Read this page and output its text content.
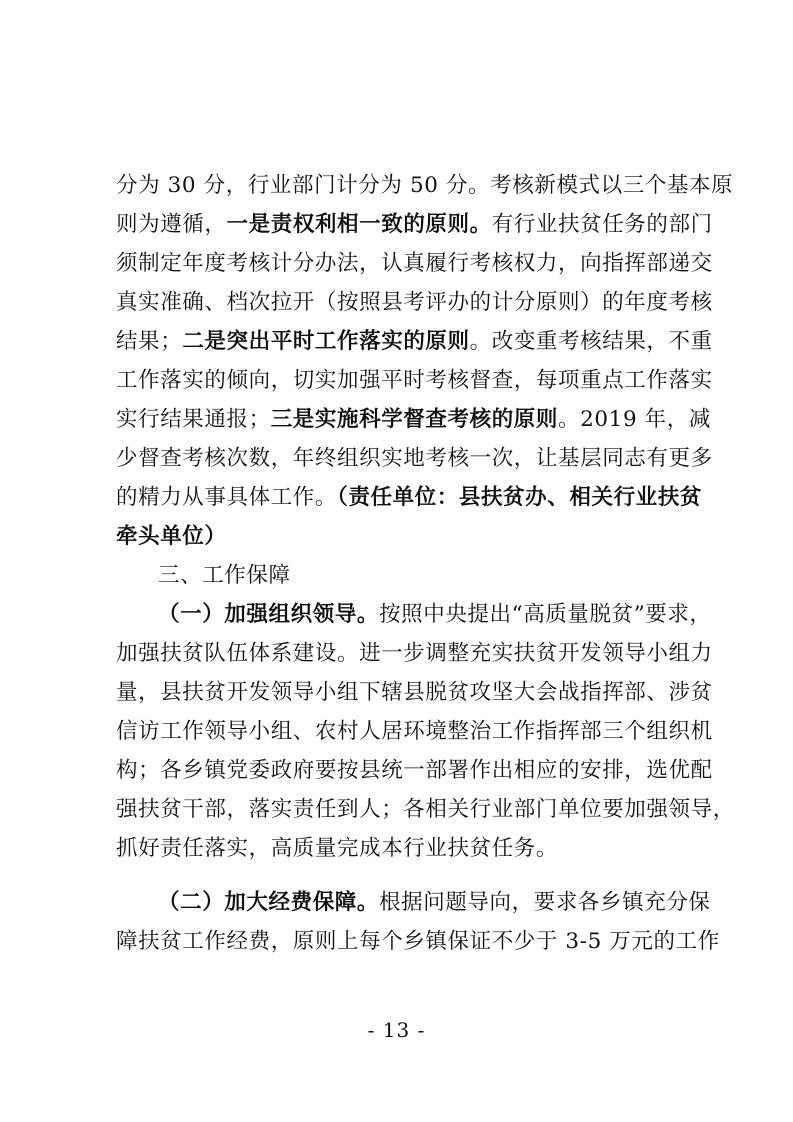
分为 30 分，行业部门计分为 50 分。考核新模式以三个基本原
则为遵循，一是责权利相一致的原则。有行业扶贫任务的部门
须制定年度考核计分办法，认真履行考核权力，向指挥部递交
真实准确、档次拉开（按照县考评办的计分原则）的年度考核
结果；二是突出平时工作落实的原则。改变重考核结果，不重
工作落实的倾向，切实加强平时考核督查，每项重点工作落实
实行结果通报；三是实施科学督查考核的原则。2019 年，减
少督查考核次数，年终组织实地考核一次，让基层同志有更多
的精力从事具体工作。（责任单位：县扶贫办、相关行业扶贫
牵头单位）
三、工作保障
（一）加强组织领导。按照中央提出“高质量脱贫”要求，
加强扶贫队伍体系建设。进一步调整充实扶贫开发领导小组力
量，县扶贫开发领导小组下辖县脱贫攻坚大会战指挥部、涉贫
信访工作领导小组、农村人居环境整治工作指挥部三个组织机
构；各乡镇党委政府要按县统一部署作出相应的安排，选优配
强扶贫干部，落实责任到人；各相关行业部门单位要加强领导，
抓好责任落实，高质量完成本行业扶贫任务。
（二）加大经费保障。根据问题导向，要求各乡镇充分保
障扶贫工作经费，原则上每个乡镇保证不少于 3-5 万元的工作
- 13 -
